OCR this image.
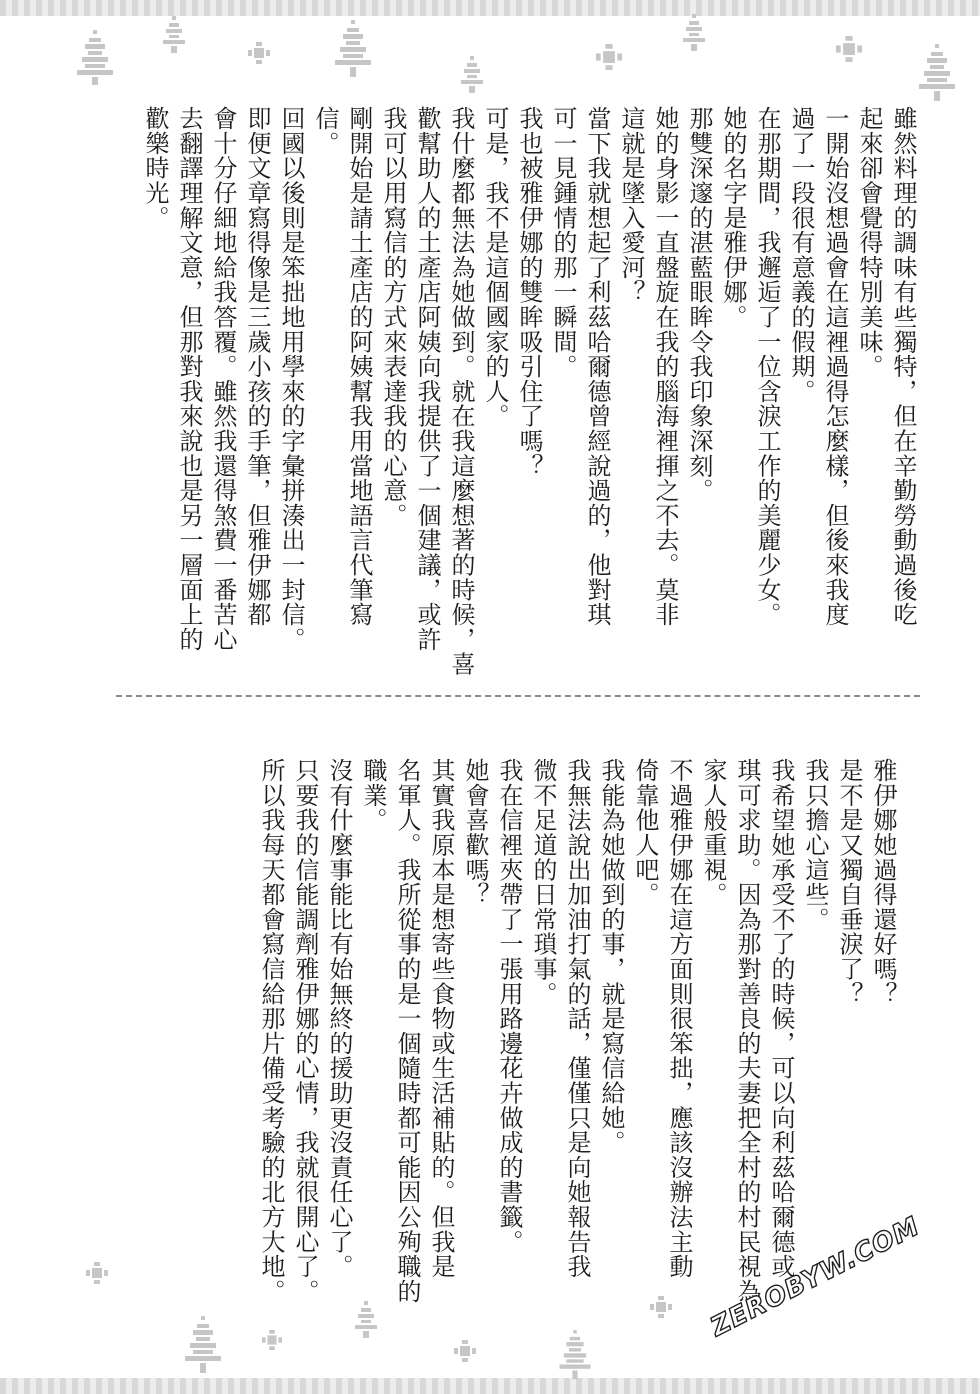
雖然料理的調味有些獨特，但在辛勤勞動過後吃
起來卻會覺得特別美味。
一開始沒想過會在這裡過得怎麼樣，但後來我度
過了一段很有意義的假期。
在那期間，我邂逅了一位含淚工作的美麗少女。
她的名字是雅伊娜。
那雙深邃的湛藍眼眸令我印象深刻。
她的身影一直盤旋在我的腦海裡揮之不去。莫非
這就是墜入愛河？
當下我就想起了利茲哈爾德曾經說過的，他對琪
可一見鍾情的那一瞬間。
我也被雅伊娜的雙眸吸引住了嗎？
可是，我不是這個國家的人。
我什麼都無法為她做到。就在我這麼想著的時候，喜
歡幫助人的土產店阿姨向我提供了一個建議，或許
我可以用寫信的方式來表達我的心意。
剛開始是請土產店的阿姨幫我用當地語言代筆寫
信。
回國以後則是笨拙地用學來的字彙拼湊出一封信。
即便文章寫得像是三歲小孩的手筆，但雅伊娜都
會十分仔細地給我答覆。雖然我還得煞費一番苦心
去翻譯理解文意，但那對我來說也是另一層面上的
歡樂時光。
雅伊娜她過得還好嗎？
是不是又獨自垂淚了？
我只擔心這些。
我希望她承受不了的時候，可以向利茲哈爾德或
琪可求助。因為那對善良的夫妻把全村的村民視為
家人般重視。
不過雅伊娜在這方面則很笨拙，應該沒辦法主動
倚靠他人吧。
我能為她做到的事，就是寫信給她。
我無法說出加油打氣的話，僅僅只是向她報告我
微不足道的日常瑣事。
我在信裡夾帶了一張用路邊花卉做成的書籤。
她會喜歡嗎？
其實我原本是想寄些食物或生活補貼的。但我是
名軍人。我所從事的是一個隨時都可能因公殉職的
職業。
沒有什麼事能比有始無終的援助更沒責任心了。
只要我的信能調劑雅伊娜的心情，我就很開心了。
所以我每天都會寫信給那片備受考驗的北方大地。	ZEROBYW.COM
